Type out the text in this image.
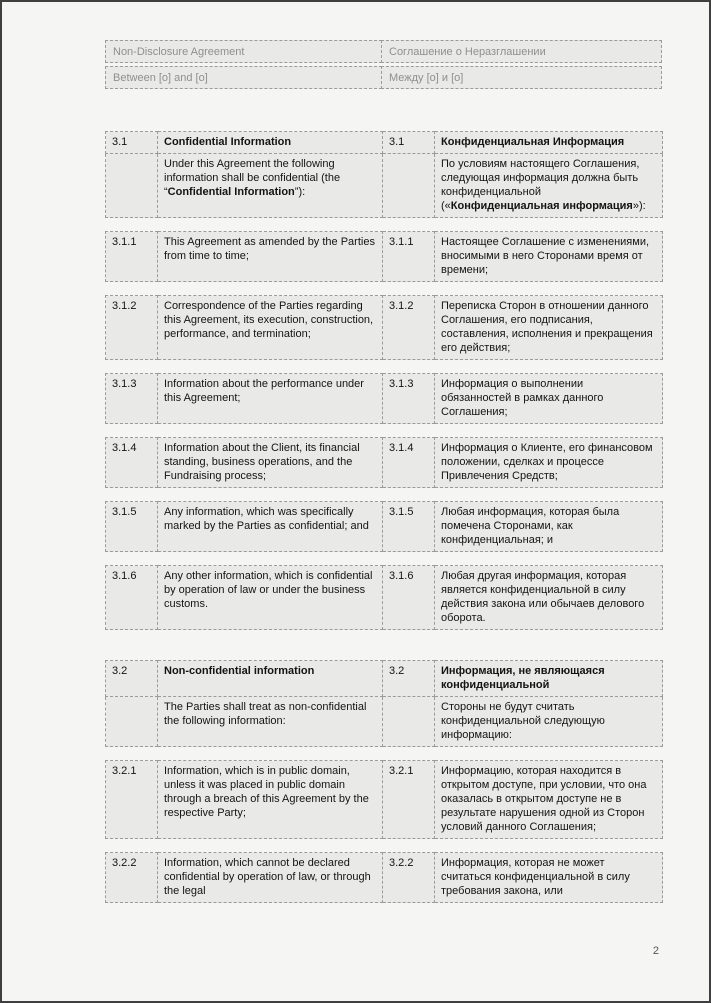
Non-Disclosure Agreement	Соглашение о Неразглашении
Between [o] and [o]	Между [o] и [o]
3.1	Confidential Information	3.1	Конфиденциальная Информация
	Under this Agreement the following information shall be confidential (the “Confidential Information”):		По условиям настоящего Соглашения, следующая информация должна быть конфиденциальной («Конфиденциальная информация»):
3.1.1	This Agreement as amended by the Parties from time to time;	3.1.1	Настоящее Соглашение с изменениями, вносимыми в него Сторонами время от времени;
3.1.2	Correspondence of the Parties regarding this Agreement, its execution, construction, performance, and termination;	3.1.2	Переписка Сторон в отношении данного Соглашения, его подписания, составления, исполнения и прекращения его действия;
3.1.3	Information about the performance under this Agreement;	3.1.3	Информация о выполнении обязанностей в рамках данного Соглашения;
3.1.4	Information about the Client, its financial standing, business operations, and the Fundraising process;	3.1.4	Информация о Клиенте, его финансовом положении, сделках и процессе Привлечения Средств;
3.1.5	Any information, which was specifically marked by the Parties as confidential; and	3.1.5	Любая информация, которая была помечена Сторонами, как конфиденциальная; и
3.1.6	Any other information, which is confidential by operation of law or under the business customs.	3.1.6	Любая другая информация, которая является конфиденциальной в силу действия закона или обычаев делового оборота.
3.2	Non-confidential information	3.2	Информация, не являющаяся конфиденциальной
	The Parties shall treat as non-confidential the following information:		Стороны не будут считать конфиденциальной следующую информацию:
3.2.1	Information, which is in public domain, unless it was placed in public domain through a breach of this Agreement by the respective Party;	3.2.1	Информацию, которая находится в открытом доступе, при условии, что она оказалась в открытом доступе не в результате нарушения одной из Сторон условий данного Соглашения;
3.2.2	Information, which cannot be declared confidential by operation of law, or through the legal	3.2.2	Информация, которая не может считаться конфиденциальной в силу требования закона, или
2
